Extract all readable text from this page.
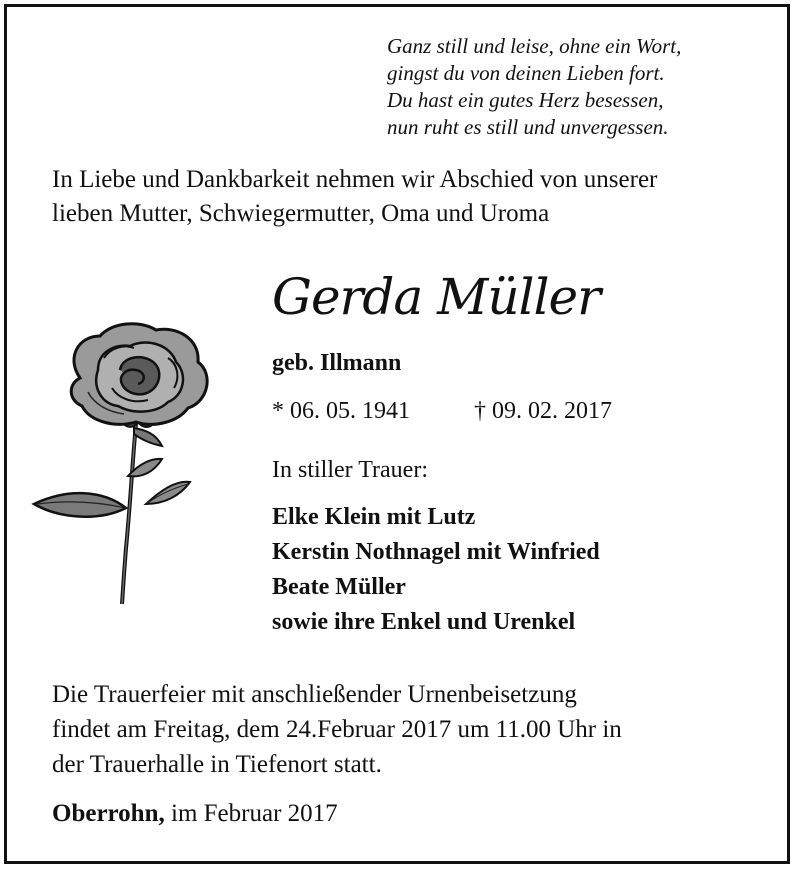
Ganz still und leise, ohne ein Wort,
gingst du von deinen Lieben fort.
Du hast ein gutes Herz besessen,
nun ruht es still und unvergessen.
In Liebe und Dankbarkeit nehmen wir Abschied von unserer
lieben Mutter, Schwiegermutter, Oma und Uroma
Gerda Müller
geb. Illmann
* 06. 05. 1941	† 09. 02. 2017
In stiller Trauer:
Elke Klein mit Lutz
Kerstin Nothnagel mit Winfried
Beate Müller
sowie ihre Enkel und Urenkel
Die Trauerfeier mit anschließender Urnenbeisetzung
findet am Freitag, dem 24.Februar 2017 um 11.00 Uhr in
der Trauerhalle in Tiefenort statt.
Oberrohn, im Februar 2017
